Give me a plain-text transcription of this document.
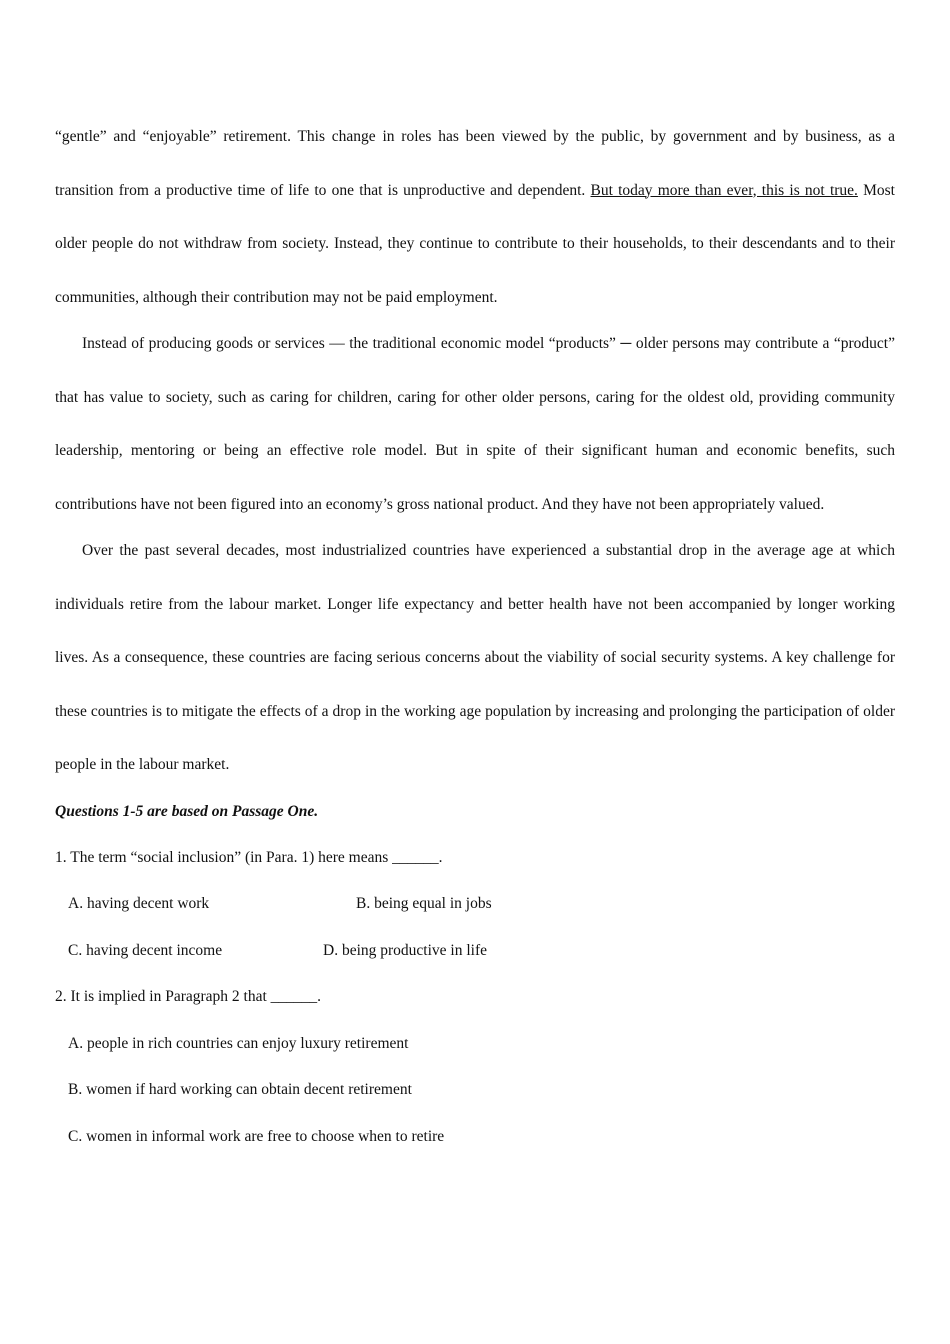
“gentle” and “enjoyable” retirement. This change in roles has been viewed by the public, by government and by business, as a transition from a productive time of life to one that is unproductive and dependent. But today more than ever, this is not true. Most older people do not withdraw from society. Instead, they continue to contribute to their households, to their descendants and to their communities, although their contribution may not be paid employment.

Instead of producing goods or services — the traditional economic model “products” ─ older persons may contribute a “product” that has value to society, such as caring for children, caring for other older persons, caring for the oldest old, providing community leadership, mentoring or being an effective role model. But in spite of their significant human and economic benefits, such contributions have not been figured into an economy’s gross national product. And they have not been appropriately valued.

Over the past several decades, most industrialized countries have experienced a substantial drop in the average age at which individuals retire from the labour market. Longer life expectancy and better health have not been accompanied by longer working lives. As a consequence, these countries are facing serious concerns about the viability of social security systems. A key challenge for these countries is to mitigate the effects of a drop in the working age population by increasing and prolonging the participation of older people in the labour market.

Questions 1-5 are based on Passage One.
1. The term “social inclusion” (in Para. 1) here means ______.
A. having decent work	B. being equal in jobs
C. having decent income	D. being productive in life
2. It is implied in Paragraph 2 that ______.
A. people in rich countries can enjoy luxury retirement
B. women if hard working can obtain decent retirement
C. women in informal work are free to choose when to retire
